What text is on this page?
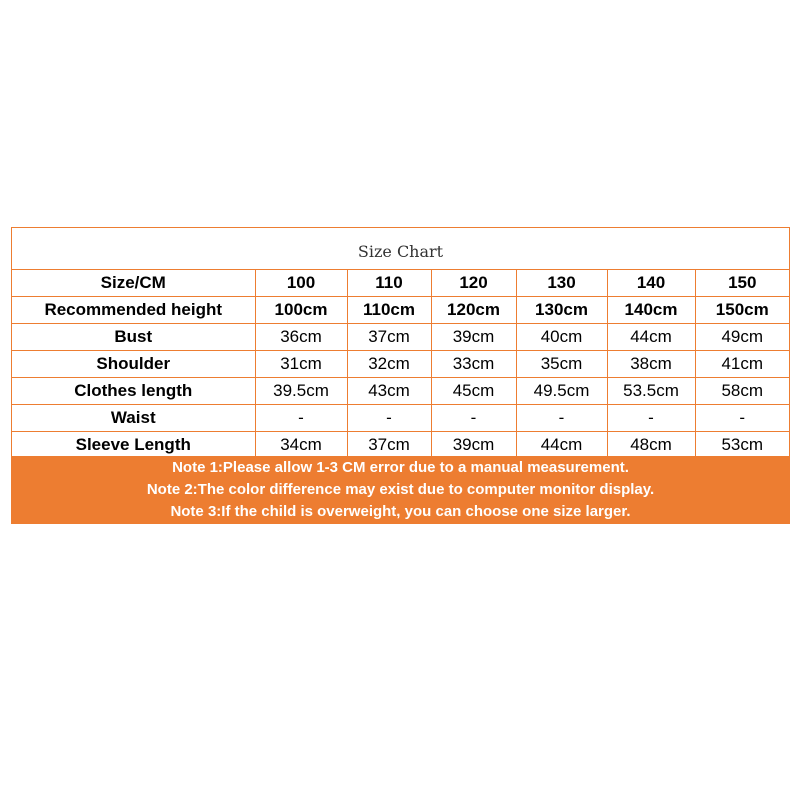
Size Chart
Size/CM	100	110	120	130	140	150
Recommended height	100cm	110cm	120cm	130cm	140cm	150cm
Bust	36cm	37cm	39cm	40cm	44cm	49cm
Shoulder	31cm	32cm	33cm	35cm	38cm	41cm
Clothes length	39.5cm	43cm	45cm	49.5cm	53.5cm	58cm
Waist	-	-	-	-	-	-
Sleeve Length	34cm	37cm	39cm	44cm	48cm	53cm
Note 1:Please allow 1-3 CM error due to a manual measurement.
Note 2:The color difference may exist due to computer monitor display.
Note 3:If the child is overweight, you can choose one size larger.
